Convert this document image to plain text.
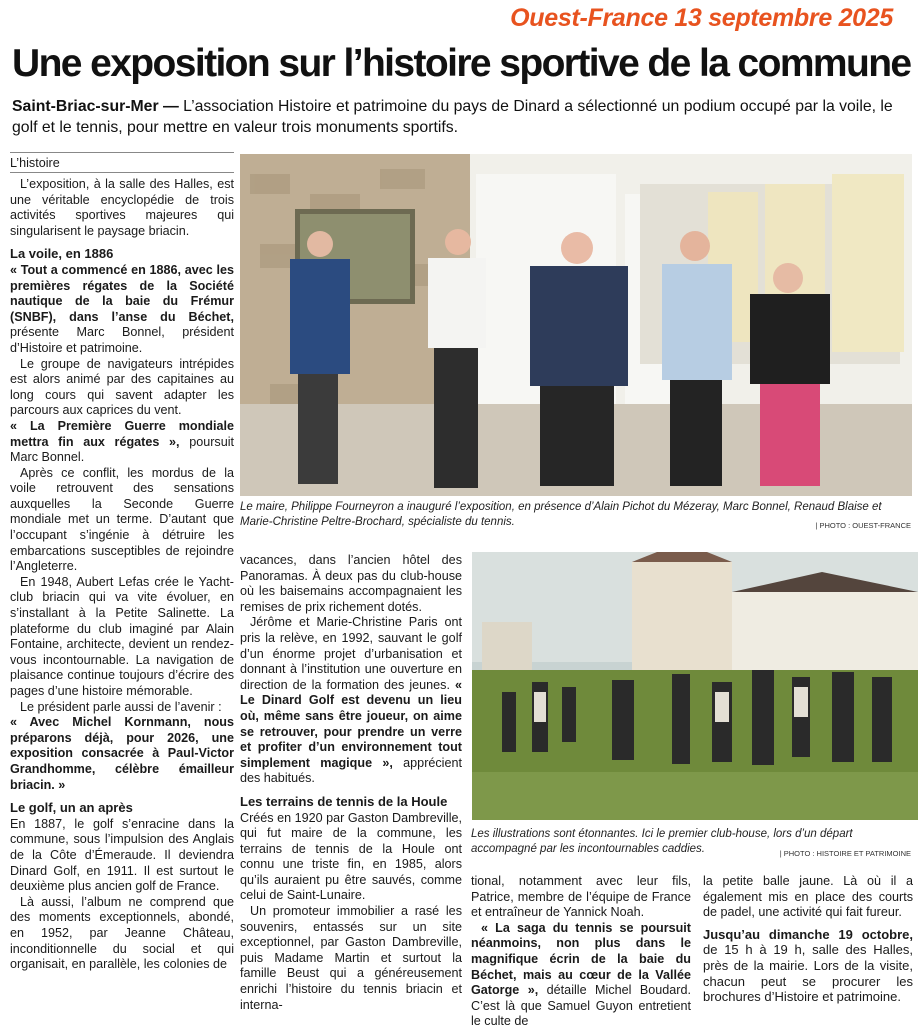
Ouest-France 13 septembre 2025
Une exposition sur l’histoire sportive de la commune
Saint-Briac-sur-Mer — L’association Histoire et patrimoine du pays de Dinard a sélectionné un podium occupé par la voile, le golf et le tennis, pour mettre en valeur trois monuments sportifs.
L’histoire

L’exposition, à la salle des Halles, est une véritable encyclopédie de trois activités sportives majeures qui singularisent le paysage briacin.

La voile, en 1886

« Tout a commencé en 1886, avec les premières régates de la Société nautique de la baie du Frémur (SNBF), dans l’anse du Béchet, présente Marc Bonnel, président d’Histoire et patrimoine.

Le groupe de navigateurs intrépides est alors animé par des capitaines au long cours qui savent adapter les parcours aux caprices du vent.

« La Première Guerre mondiale mettra fin aux régates », poursuit Marc Bonnel.

Après ce conflit, les mordus de la voile retrouvent des sensations auxquelles la Seconde Guerre mondiale met un terme. D’autant que l’occupant s’ingénie à détruire les embarcations susceptibles de rejoindre l’Angleterre.

En 1948, Aubert Lefas crée le Yacht-club briacin qui va vite évoluer, en s’installant à la Petite Salinette. La plateforme du club imaginé par Alain Fontaine, architecte, devient un rendez-vous incontournable. La navigation de plaisance continue toujours d’écrire des pages d’une histoire mémorable.

Le président parle aussi de l’avenir :

« Avec Michel Kornmann, nous préparons déjà, pour 2026, une exposition consacrée à Paul-Victor Grandhomme, célèbre émailleur briacin. »

Le golf, un an après

En 1887, le golf s’enracine dans la commune, sous l’impulsion des Anglais de la Côte d’Émeraude. Il deviendra Dinard Golf, en 1911. Il est surtout le deuxième plus ancien golf de France.

Là aussi, l’album ne comprend que des moments exceptionnels, abondé, en 1952, par Jeanne Château, inconditionnelle du social et qui organisait, en parallèle, les colonies de

Le maire, Philippe Fourneyron a inauguré l’exposition, en présence d’Alain Pichot du Mézeray, Marc Bonnel, Renaud Blaise et Marie-Christine Peltre-Brochard, spécialiste du tennis.	| PHOTO : OUEST-FRANCE

vacances, dans l’ancien hôtel des Panoramas. À deux pas du club-house où les baisemains accompagnaient les remises de prix richement dotés.

Jérôme et Marie-Christine Paris ont pris la relève, en 1992, sauvant le golf d’un énorme projet d’urbanisation et donnant à l’institution une ouverture en direction de la formation des jeunes. « Le Dinard Golf est devenu un lieu où, même sans être joueur, on aime se retrouver, pour prendre un verre et profiter d’un environnement tout simplement magique », apprécient des habitués.

Les terrains de tennis de la Houle

Créés en 1920 par Gaston Dambreville, qui fut maire de la commune, les terrains de tennis de la Houle ont connu une triste fin, en 1985, alors qu’ils auraient pu être sauvés, comme celui de Saint-Lunaire.

Un promoteur immobilier a rasé les souvenirs, entassés sur un site exceptionnel, par Gaston Dambreville, puis Madame Martin et surtout la famille Beust qui a généreusement enrichi l’histoire du tennis briacin et interna-

Les illustrations sont étonnantes. Ici le premier club-house, lors d’un départ accompagné par les incontournables caddies.	| PHOTO : HISTOIRE ET PATRIMOINE

tional, notamment avec leur fils, Patrice, membre de l’équipe de France et entraîneur de Yannick Noah.

« La saga du tennis se poursuit néanmoins, non plus dans le magnifique écrin de la baie du Béchet, mais au cœur de la Vallée Gatorge », détaille Michel Boudard. C’est là que Samuel Guyon entretient le culte de

la petite balle jaune. Là où il a également mis en place des courts de padel, une activité qui fait fureur.

Jusqu’au dimanche 19 octobre, de 15 h à 19 h, salle des Halles, près de la mairie. Lors de la visite, chacun peut se procurer les brochures d’Histoire et patrimoine.
